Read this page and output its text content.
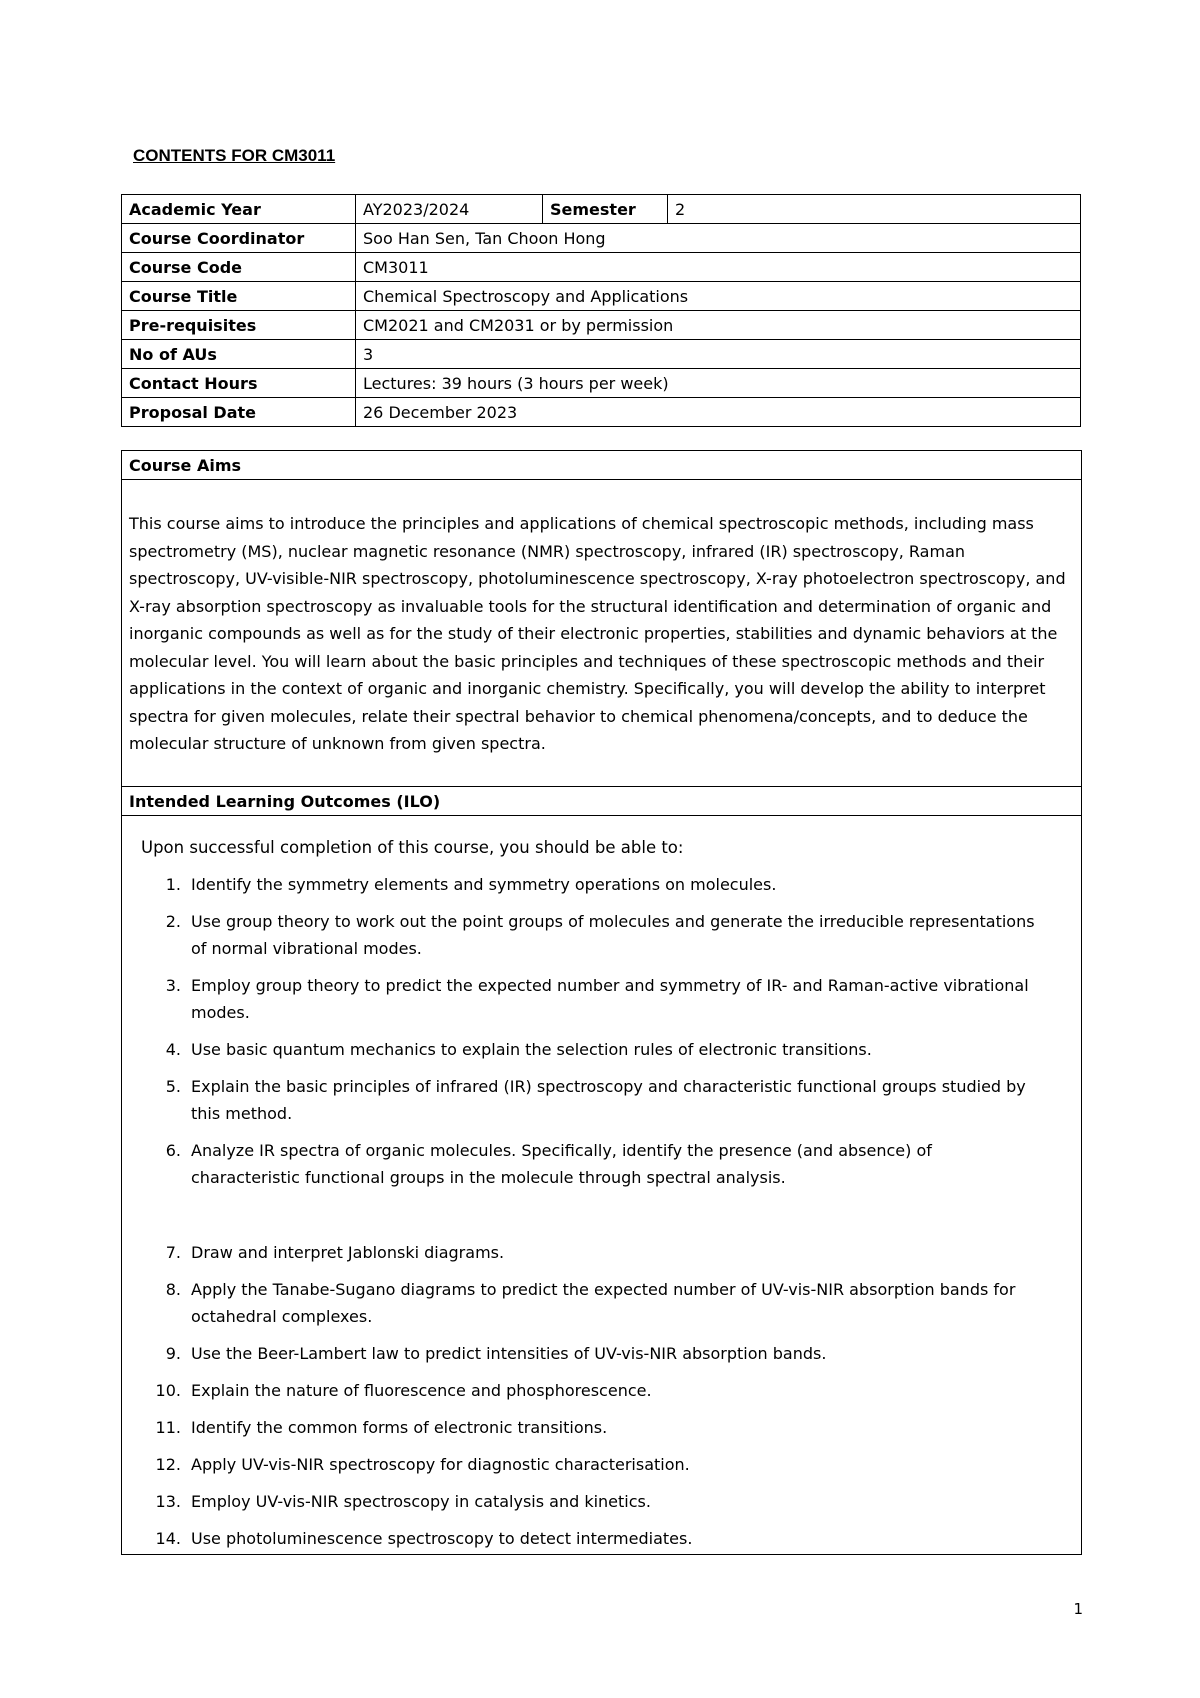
CONTENTS FOR CM3011
Academic Year	AY2023/2024	Semester	2
Course Coordinator	Soo Han Sen, Tan Choon Hong		
Course Code	CM3011		
Course Title	Chemical Spectroscopy and Applications		
Pre-requisites	CM2021 and CM2031 or by permission		
No of AUs	3		
Contact Hours	Lectures: 39 hours (3 hours per week)		
Proposal Date	26 December 2023		
Course Aims
This course aims to introduce the principles and applications of chemical spectroscopic methods, including mass spectrometry (MS), nuclear magnetic resonance (NMR) spectroscopy, infrared (IR) spectroscopy, Raman spectroscopy, UV-visible-NIR spectroscopy, photoluminescence spectroscopy, X-ray photoelectron spectroscopy, and X-ray absorption spectroscopy as invaluable tools for the structural identification and determination of organic and inorganic compounds as well as for the study of their electronic properties, stabilities and dynamic behaviors at the molecular level. You will learn about the basic principles and techniques of these spectroscopic methods and their applications in the context of organic and inorganic chemistry. Specifically, you will develop the ability to interpret spectra for given molecules, relate their spectral behavior to chemical phenomena/concepts, and to deduce the molecular structure of unknown from given spectra.
Intended Learning Outcomes (ILO)
Upon successful completion of this course, you should be able to:
1. Identify the symmetry elements and symmetry operations on molecules.
2. Use group theory to work out the point groups of molecules and generate the irreducible representations of normal vibrational modes.
3. Employ group theory to predict the expected number and symmetry of IR- and Raman-active vibrational modes.
4. Use basic quantum mechanics to explain the selection rules of electronic transitions.
5. Explain the basic principles of infrared (IR) spectroscopy and characteristic functional groups studied by this method.
6. Analyze IR spectra of organic molecules. Specifically, identify the presence (and absence) of characteristic functional groups in the molecule through spectral analysis.
7. Draw and interpret Jablonski diagrams.
8. Apply the Tanabe-Sugano diagrams to predict the expected number of UV-vis-NIR absorption bands for octahedral complexes.
9. Use the Beer-Lambert law to predict intensities of UV-vis-NIR absorption bands.
10. Explain the nature of fluorescence and phosphorescence.
11. Identify the common forms of electronic transitions.
12. Apply UV-vis-NIR spectroscopy for diagnostic characterisation.
13. Employ UV-vis-NIR spectroscopy in catalysis and kinetics.
14. Use photoluminescence spectroscopy to detect intermediates.
1
